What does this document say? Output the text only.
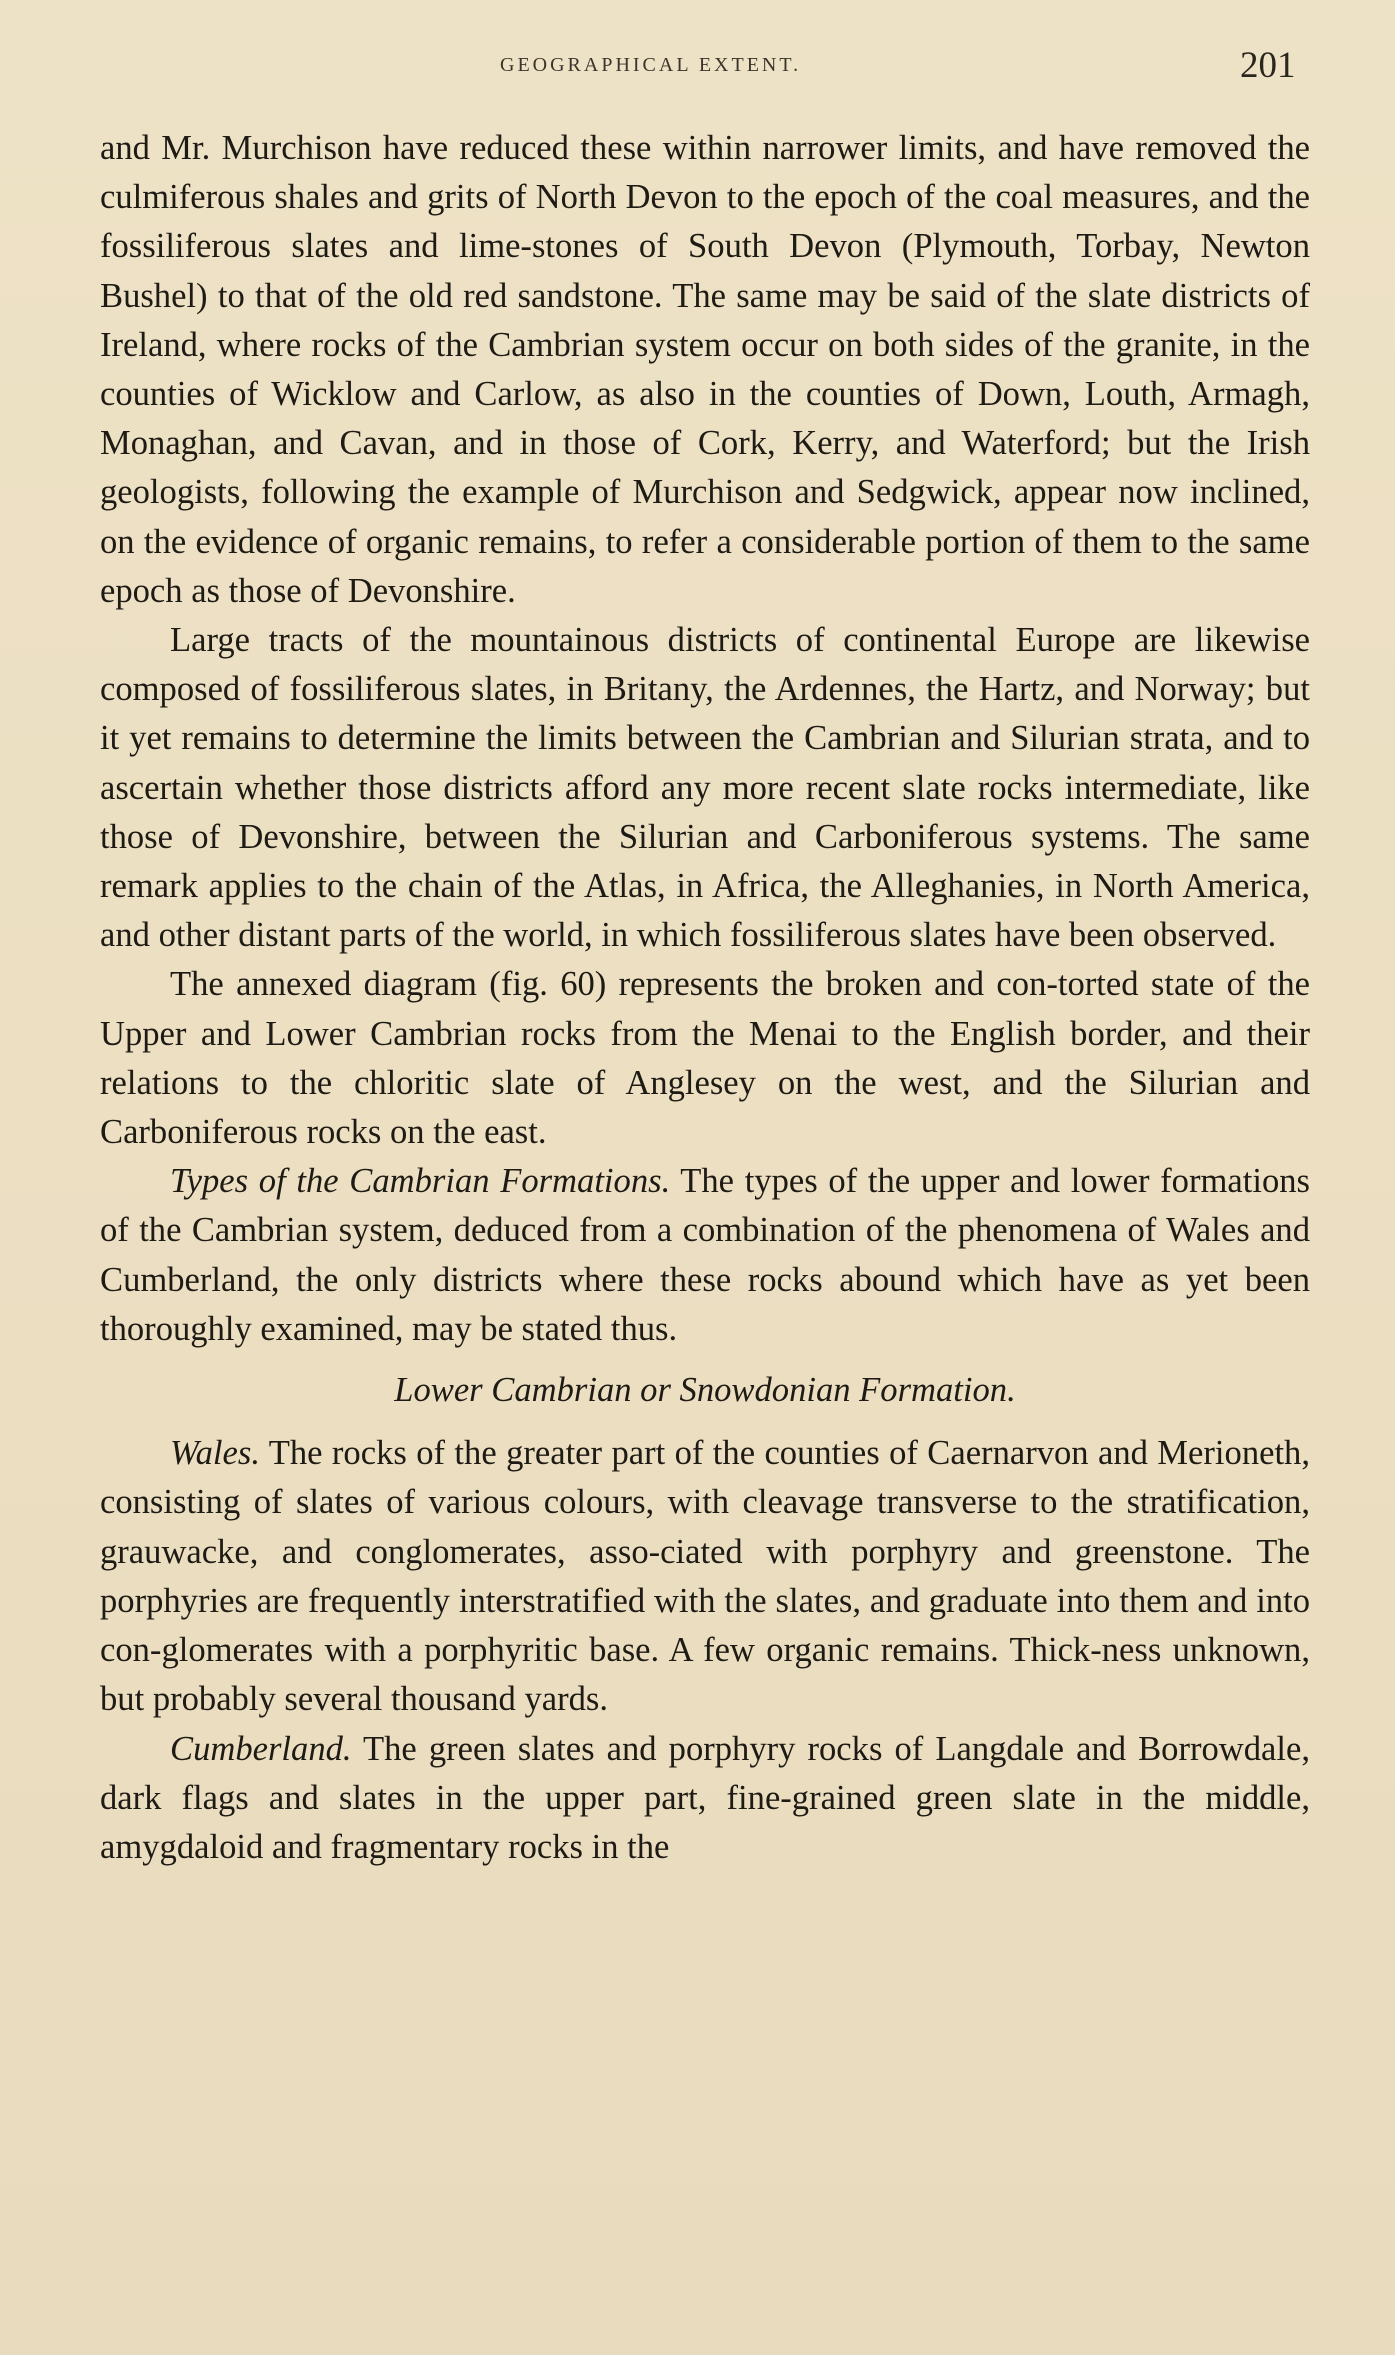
GEOGRAPHICAL EXTENT.	201

and Mr. Murchison have reduced these within narrower limits, and have removed the culmiferous shales and grits of North Devon to the epoch of the coal measures, and the fossiliferous slates and lime-stones of South Devon (Plymouth, Torbay, Newton Bushel) to that of the old red sandstone. The same may be said of the slate districts of Ireland, where rocks of the Cambrian system occur on both sides of the granite, in the counties of Wicklow and Carlow, as also in the counties of Down, Louth, Armagh, Monaghan, and Cavan, and in those of Cork, Kerry, and Waterford; but the Irish geologists, following the example of Murchison and Sedgwick, appear now inclined, on the evidence of organic remains, to refer a considerable portion of them to the same epoch as those of Devonshire.

Large tracts of the mountainous districts of continental Europe are likewise composed of fossiliferous slates, in Britany, the Ardennes, the Hartz, and Norway; but it yet remains to determine the limits between the Cambrian and Silurian strata, and to ascertain whether those districts afford any more recent slate rocks intermediate, like those of Devonshire, between the Silurian and Carboniferous systems. The same remark applies to the chain of the Atlas, in Africa, the Alleghanies, in North America, and other distant parts of the world, in which fossiliferous slates have been observed.

The annexed diagram (fig. 60) represents the broken and con-torted state of the Upper and Lower Cambrian rocks from the Menai to the English border, and their relations to the chloritic slate of Anglesey on the west, and the Silurian and Carboniferous rocks on the east.

Types of the Cambrian Formations. The types of the upper and lower formations of the Cambrian system, deduced from a combination of the phenomena of Wales and Cumberland, the only districts where these rocks abound which have as yet been thoroughly examined, may be stated thus.

Lower Cambrian or Snowdonian Formation.

Wales. The rocks of the greater part of the counties of Caernarvon and Merioneth, consisting of slates of various colours, with cleavage transverse to the stratification, grauwacke, and conglomerates, asso-ciated with porphyry and greenstone. The porphyries are frequently interstratified with the slates, and graduate into them and into con-glomerates with a porphyritic base. A few organic remains. Thick-ness unknown, but probably several thousand yards.

Cumberland. The green slates and porphyry rocks of Langdale and Borrowdale, dark flags and slates in the upper part, fine-grained green slate in the middle, amygdaloid and fragmentary rocks in the
